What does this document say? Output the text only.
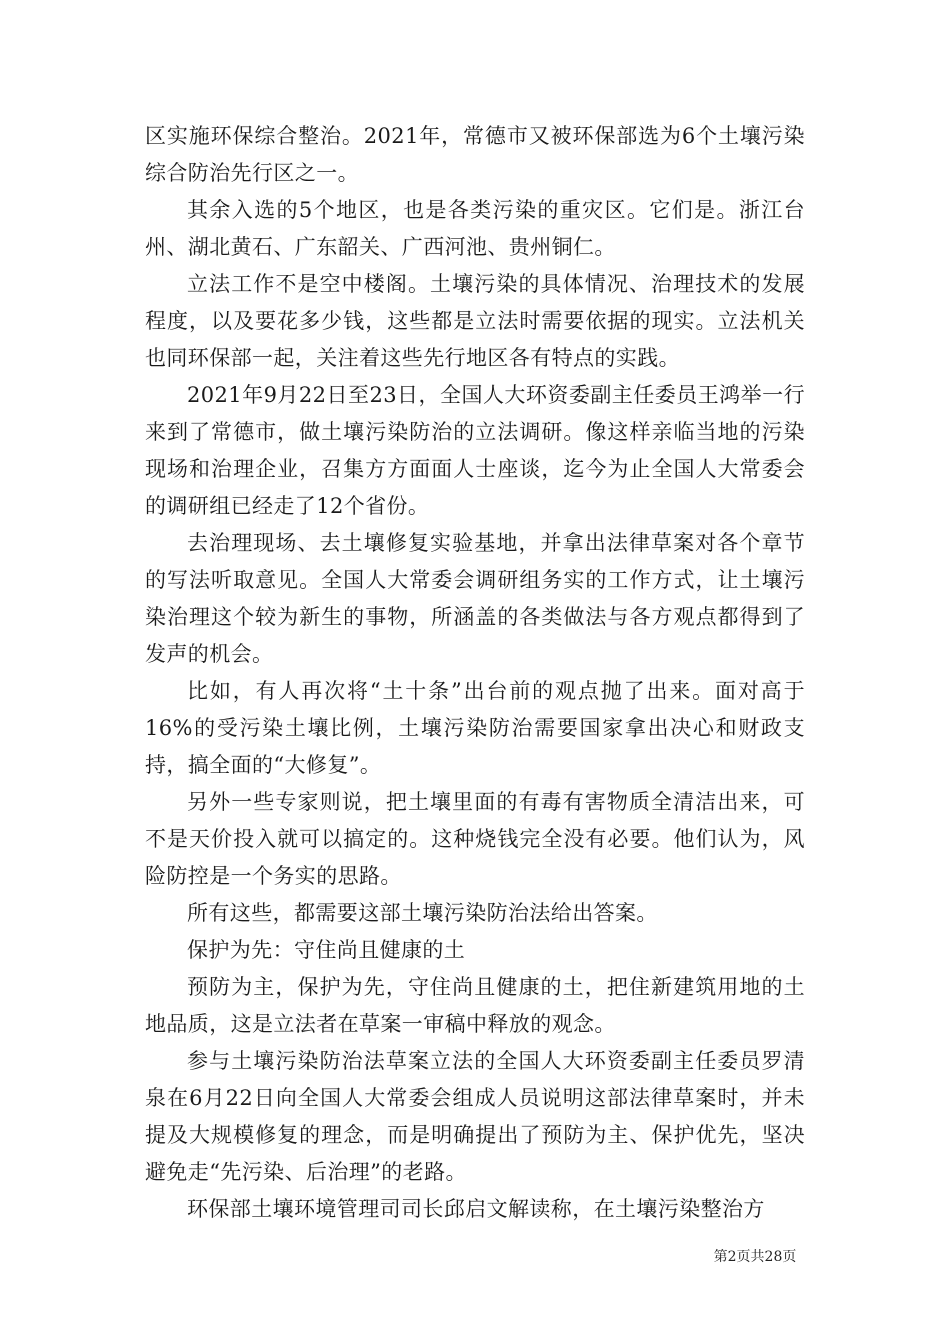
区实施环保综合整治。2021年，常德市又被环保部选为6个土壤污染综合防治先行区之一。

其余入选的5个地区，也是各类污染的重灾区。它们是。浙江台州、湖北黄石、广东韶关、广西河池、贵州铜仁。

立法工作不是空中楼阁。土壤污染的具体情况、治理技术的发展程度，以及要花多少钱，这些都是立法时需要依据的现实。立法机关也同环保部一起，关注着这些先行地区各有特点的实践。

2021年9月22日至23日，全国人大环资委副主任委员王鸿举一行来到了常德市，做土壤污染防治的立法调研。像这样亲临当地的污染现场和治理企业，召集方方面面人士座谈，迄今为止全国人大常委会的调研组已经走了12个省份。

去治理现场、去土壤修复实验基地，并拿出法律草案对各个章节的写法听取意见。全国人大常委会调研组务实的工作方式，让土壤污染治理这个较为新生的事物，所涵盖的各类做法与各方观点都得到了发声的机会。

比如，有人再次将“土十条”出台前的观点抛了出来。面对高于16%的受污染土壤比例，土壤污染防治需要国家拿出决心和财政支持，搞全面的“大修复”。

另外一些专家则说，把土壤里面的有毒有害物质全清洁出来，可不是天价投入就可以搞定的。这种烧钱完全没有必要。他们认为，风险防控是一个务实的思路。

所有这些，都需要这部土壤污染防治法给出答案。

保护为先：守住尚且健康的土

预防为主，保护为先，守住尚且健康的土，把住新建筑用地的土地品质，这是立法者在草案一审稿中释放的观念。

参与土壤污染防治法草案立法的全国人大环资委副主任委员罗清泉在6月22日向全国人大常委会组成人员说明这部法律草案时，并未提及大规模修复的理念，而是明确提出了预防为主、保护优先，坚决避免走“先污染、后治理”的老路。

环保部土壤环境管理司司长邱启文解读称，在土壤污染整治方

第2页共28页
